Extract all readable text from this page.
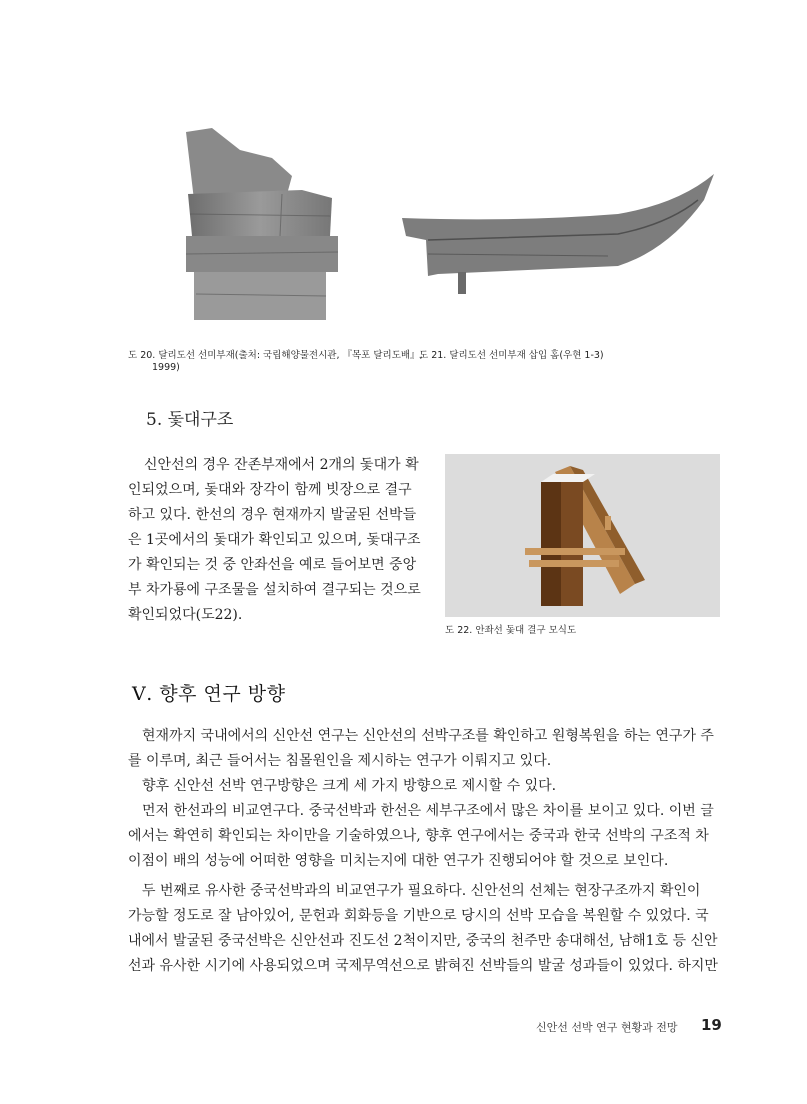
도 20. 달리도선 선미부재(출처: 국립해양물전시관, 『목포 달리도배』,
1999)
도 21. 달리도선 선미부재 삽입 홈(우현 1-3)
도 22. 안좌선 돛대 결구 모식도
5. 돛대구조
신안선의 경우 잔존부재에서 2개의 돛대가 확
인되었으며, 돛대와 장각이 함께 빗장으로 결구
하고 있다. 한선의 경우 현재까지 발굴된 선박들
은 1곳에서의 돛대가 확인되고 있으며, 돛대구조
가 확인되는 것 중 안좌선을 예로 들어보면 중앙
부 차가룡에 구조물을 설치하여 결구되는 것으로
확인되었다(도22).
Ⅴ. 향후 연구 방향
현재까지 국내에서의 신안선 연구는 신안선의 선박구조를 확인하고 원형복원을 하는 연구가 주
를 이루며, 최근 들어서는 침몰원인을 제시하는 연구가 이뤄지고 있다.
향후 신안선 선박 연구방향은 크게 세 가지 방향으로 제시할 수 있다.
먼저 한선과의 비교연구다. 중국선박과 한선은 세부구조에서 많은 차이를 보이고 있다. 이번 글
에서는 확연히 확인되는 차이만을 기술하였으나, 향후 연구에서는 중국과 한국 선박의 구조적 차
이점이 배의 성능에 어떠한 영향을 미치는지에 대한 연구가 진행되어야 할 것으로 보인다.
두 번째로 유사한 중국선박과의 비교연구가 필요하다. 신안선의 선체는 현장구조까지 확인이
가능할 정도로 잘 남아있어, 문헌과 회화등을 기반으로 당시의 선박 모습을 복원할 수 있었다. 국
내에서 발굴된 중국선박은 신안선과 진도선 2척이지만, 중국의 천주만 송대해선, 남해1호 등 신안
선과 유사한 시기에 사용되었으며 국제무역선으로 밝혀진 선박들의 발굴 성과들이 있었다. 하지만
신안선 선박 연구 현황과 전망 19
